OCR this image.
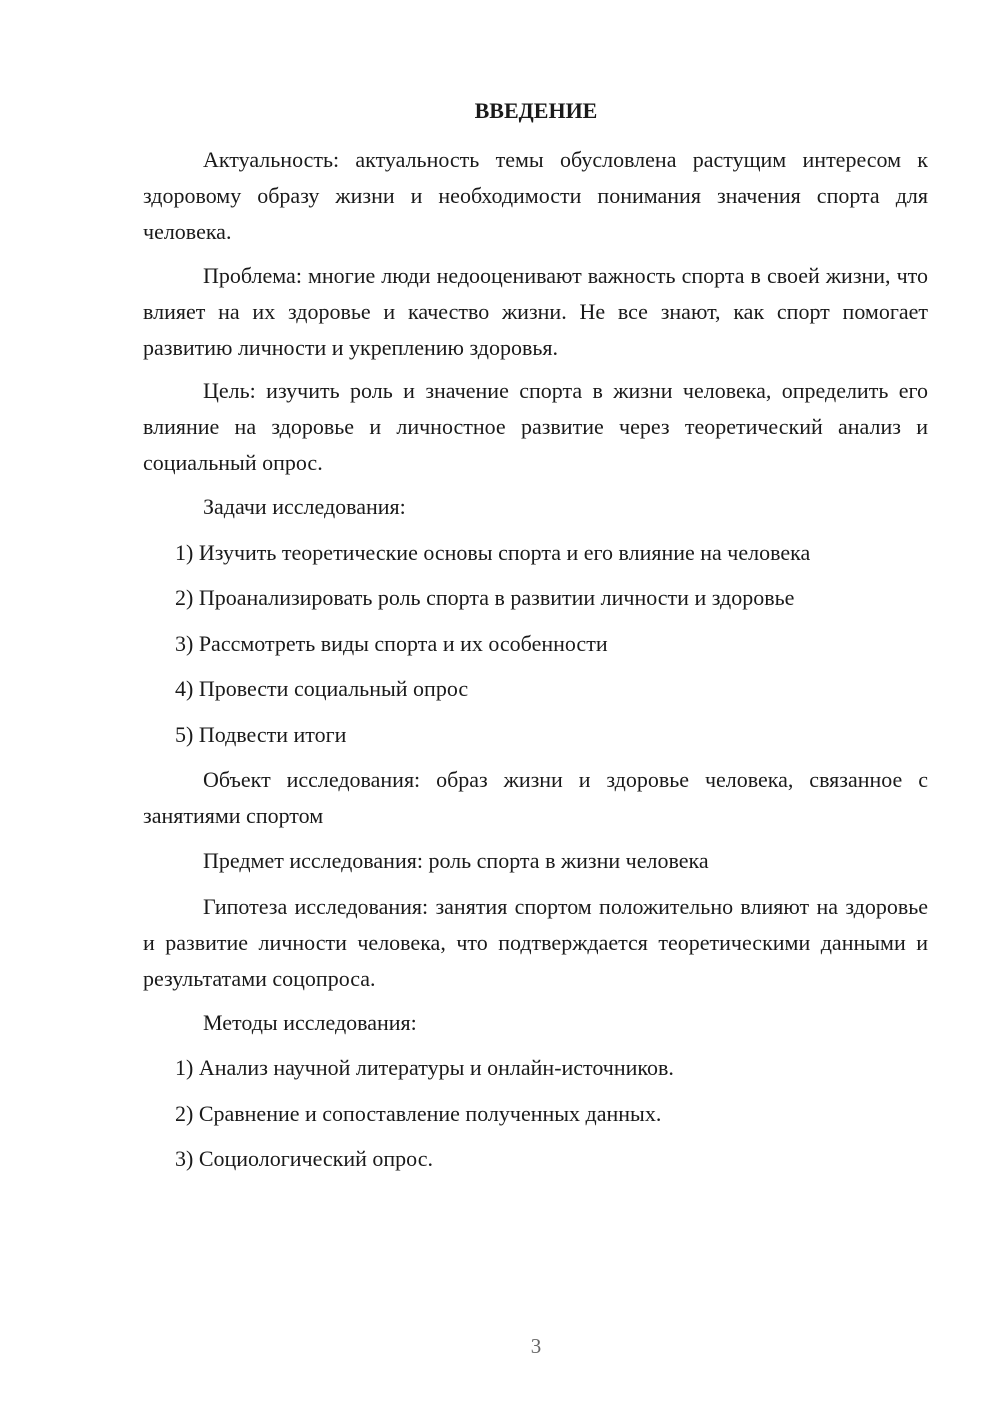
ВВЕДЕНИЕ

Актуальность: актуальность темы обусловлена растущим интересом к здоровому образу жизни и необходимости понимания значения спорта для человека.

Проблема: многие люди недооценивают важность спорта в своей жизни, что влияет на их здоровье и качество жизни. Не все знают, как спорт помогает развитию личности и укреплению здоровья.

Цель: изучить роль и значение спорта в жизни человека, определить его влияние на здоровье и личностное развитие через теоретический анализ и социальный опрос.

Задачи исследования:

1) Изучить теоретические основы спорта и его влияние на человека

2) Проанализировать роль спорта в развитии личности и здоровье

3) Рассмотреть виды спорта и их особенности

4) Провести социальный опрос

5) Подвести итоги

Объект исследования: образ жизни и здоровье человека, связанное с занятиями спортом

Предмет исследования: роль спорта в жизни человека

Гипотеза исследования: занятия спортом положительно влияют на здоровье и развитие личности человека, что подтверждается теоретическими данными и результатами соцопроса.

Методы исследования:

1) Анализ научной литературы и онлайн-источников.

2) Сравнение и сопоставление полученных данных.

3) Социологический опрос.

3
